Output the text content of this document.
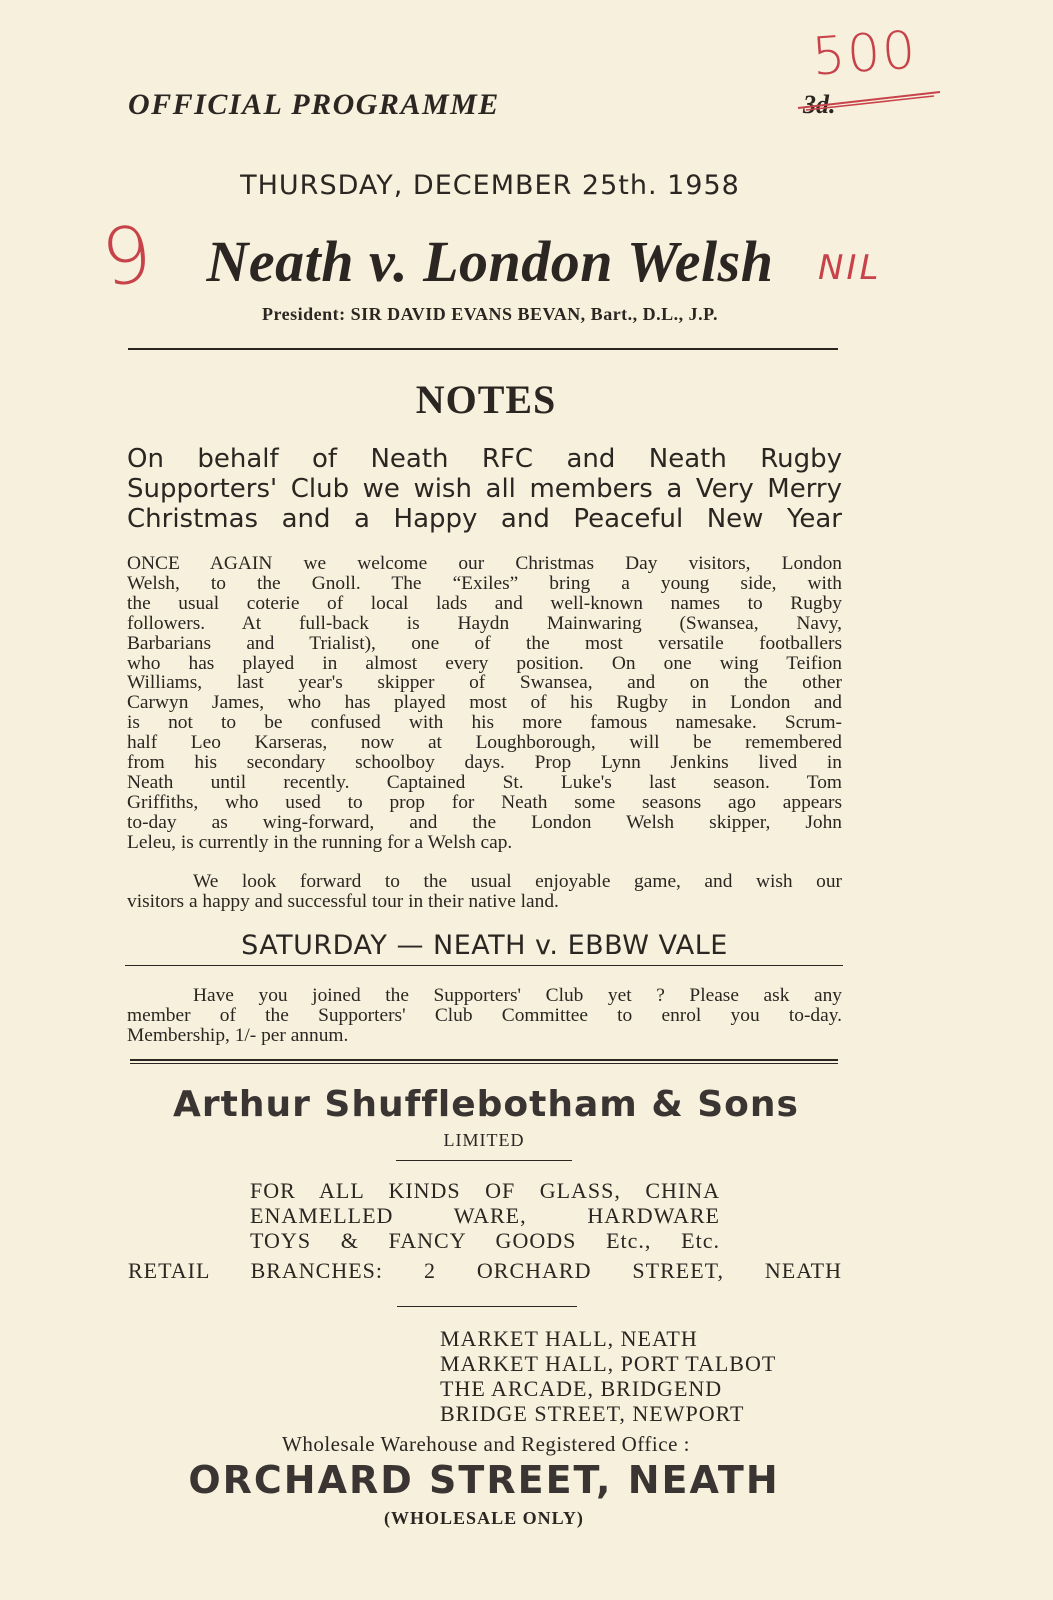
OFFICIAL PROGRAMME	3d.
500
THURSDAY, DECEMBER 25th. 1958
9 Neath v. London Welsh	NIL
President: SIR DAVID EVANS BEVAN, Bart., D.L., J.P.
NOTES
On behalf of Neath RFC and Neath Rugby
Supporters' Club we wish all members a Very Merry
Christmas and a Happy and Peaceful New Year
ONCE AGAIN we welcome our Christmas Day visitors, London
Welsh, to the Gnoll. The “Exiles” bring a young side, with
the usual coterie of local lads and well-known names to Rugby
followers. At full-back is Haydn Mainwaring (Swansea, Navy,
Barbarians and Trialist), one of the most versatile footballers
who has played in almost every position. On one wing Teifion
Williams, last year's skipper of Swansea, and on the other
Carwyn James, who has played most of his Rugby in London and
is not to be confused with his more famous namesake. Scrum-
half Leo Karseras, now at Loughborough, will be remembered
from his secondary schoolboy days. Prop Lynn Jenkins lived in
Neath until recently. Captained St. Luke's last season. Tom
Griffiths, who used to prop for Neath some seasons ago appears
to-day as wing-forward, and the London Welsh skipper, John
Leleu, is currently in the running for a Welsh cap.
We look forward to the usual enjoyable game, and wish our
visitors a happy and successful tour in their native land.
SATURDAY — NEATH v. EBBW VALE
Have you joined the Supporters' Club yet ? Please ask any
member of the Supporters' Club Committee to enrol you to-day.
Membership, 1/- per annum.
Arthur Shufflebotham & Sons
LIMITED
FOR ALL KINDS OF GLASS, CHINA
ENAMELLED WARE, HARDWARE
TOYS & FANCY GOODS Etc., Etc.
RETAIL BRANCHES: 2 ORCHARD STREET, NEATH
MARKET HALL, NEATH
MARKET HALL, PORT TALBOT
THE ARCADE, BRIDGEND
BRIDGE STREET, NEWPORT
Wholesale Warehouse and Registered Office :
ORCHARD STREET, NEATH
(WHOLESALE ONLY)
